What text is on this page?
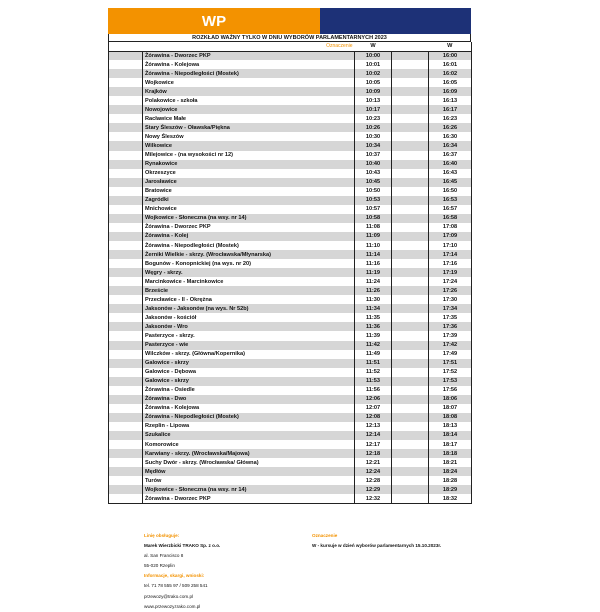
WP
ROZKŁAD WAŻNY TYLKO W DNIU WYBORÓW PARLAMENTARNYCH 2023
	Oznaczenie	W		W
	Żórawina - Dworzec PKP	10:00		16:00
	Żórawina - Kolejowa	10:01		16:01
	Żórawina - Niepodległości (Mostek)	10:02		16:02
	Wojkowice	10:05		16:05
	Krajków	10:09		16:09
	Polakowice - szkoła	10:13		16:13
	Nowojowice	10:17		16:17
	Racławice Małe	10:23		16:23
	Stary Śleszów - Oławska/Piękna	10:26		16:26
	Nowy Śleszów	10:30		16:30
	Wilkowice	10:34		16:34
	Milejowice - (na wysokości nr 12)	10:37		16:37
	Rynakowice	10:40		16:40
	Okrzeszyce	10:43		16:43
	Jarosławice	10:45		16:45
	Bratowice	10:50		16:50
	Zagródki	10:53		16:53
	Mnichowice	10:57		16:57
	Wojkowice - Słoneczna (na wsy. nr 14)	10:58		16:58
	Żórawina - Dworzec PKP	11:08		17:08
	Żórawina - Kolej	11:09		17:09
	Żórawina - Niepodległości (Mostek)	11:10		17:10
	Żerniki Wielkie - skrzy. (Wrocławska/Młynarska)	11:14		17:14
	Bogunów - Konopnickiej (na wys. nr 20)	11:16		17:16
	Węgry - skrzy.	11:19		17:19
	Marcinkowice - Marcinkowice	11:24		17:24
	Brzeście	11:26		17:26
	Przecławice - II - Okrężna	11:30		17:30
	Jaksonów - Jaksonów (na wys. Nr 52b)	11:34		17:34
	Jaksonów - kościół	11:35		17:35
	Jaksonów - Wro	11:36		17:36
	Pasterzyce - skrzy.	11:39		17:39
	Pasterzyce - wie	11:42		17:42
	Wilczków - skrzy. (Główna/Kopernika)	11:49		17:49
	Galowice - skrzy	11:51		17:51
	Galowice - Dębowa	11:52		17:52
	Galowice - skrzy	11:53		17:53
	Żórawina - Osiedle	11:56		17:56
	Żórawina - Dwo	12:06		18:06
	Żórawina - Kolejowa	12:07		18:07
	Żórawina - Niepodległości (Mostek)	12:08		18:08
	Rzeplin - Lipowa	12:13		18:13
	Szukalice	12:14		18:14
	Komorowice	12:17		18:17
	Karwiany - skrzy. (Wrocławska/Majowa)	12:18		18:18
	Suchy Dwór - skrzy. (Wrocławska/ Główna)	12:21		18:21
	Mędłów	12:24		18:24
	Turów	12:28		18:28
	Wojkowice - Słoneczna (na wsy. nr 14)	12:29		18:29
	Żórawina - Dworzec PKP	12:32		18:32
Linię obsługuje:
Marek Wierzbicki TRAKO Sp. z o.o.
al. San Francisco 8
55-020 Rzeplin
Informacje, skargi, wnioski:
tel. 71 78 555 97 / 509 258 541
przewozy@trako.com.pl
www.przewozy.trako.com.pl
Oznaczenie
W - kursuje w dzień wyborów parlamentarnych 15.10.2023r.
